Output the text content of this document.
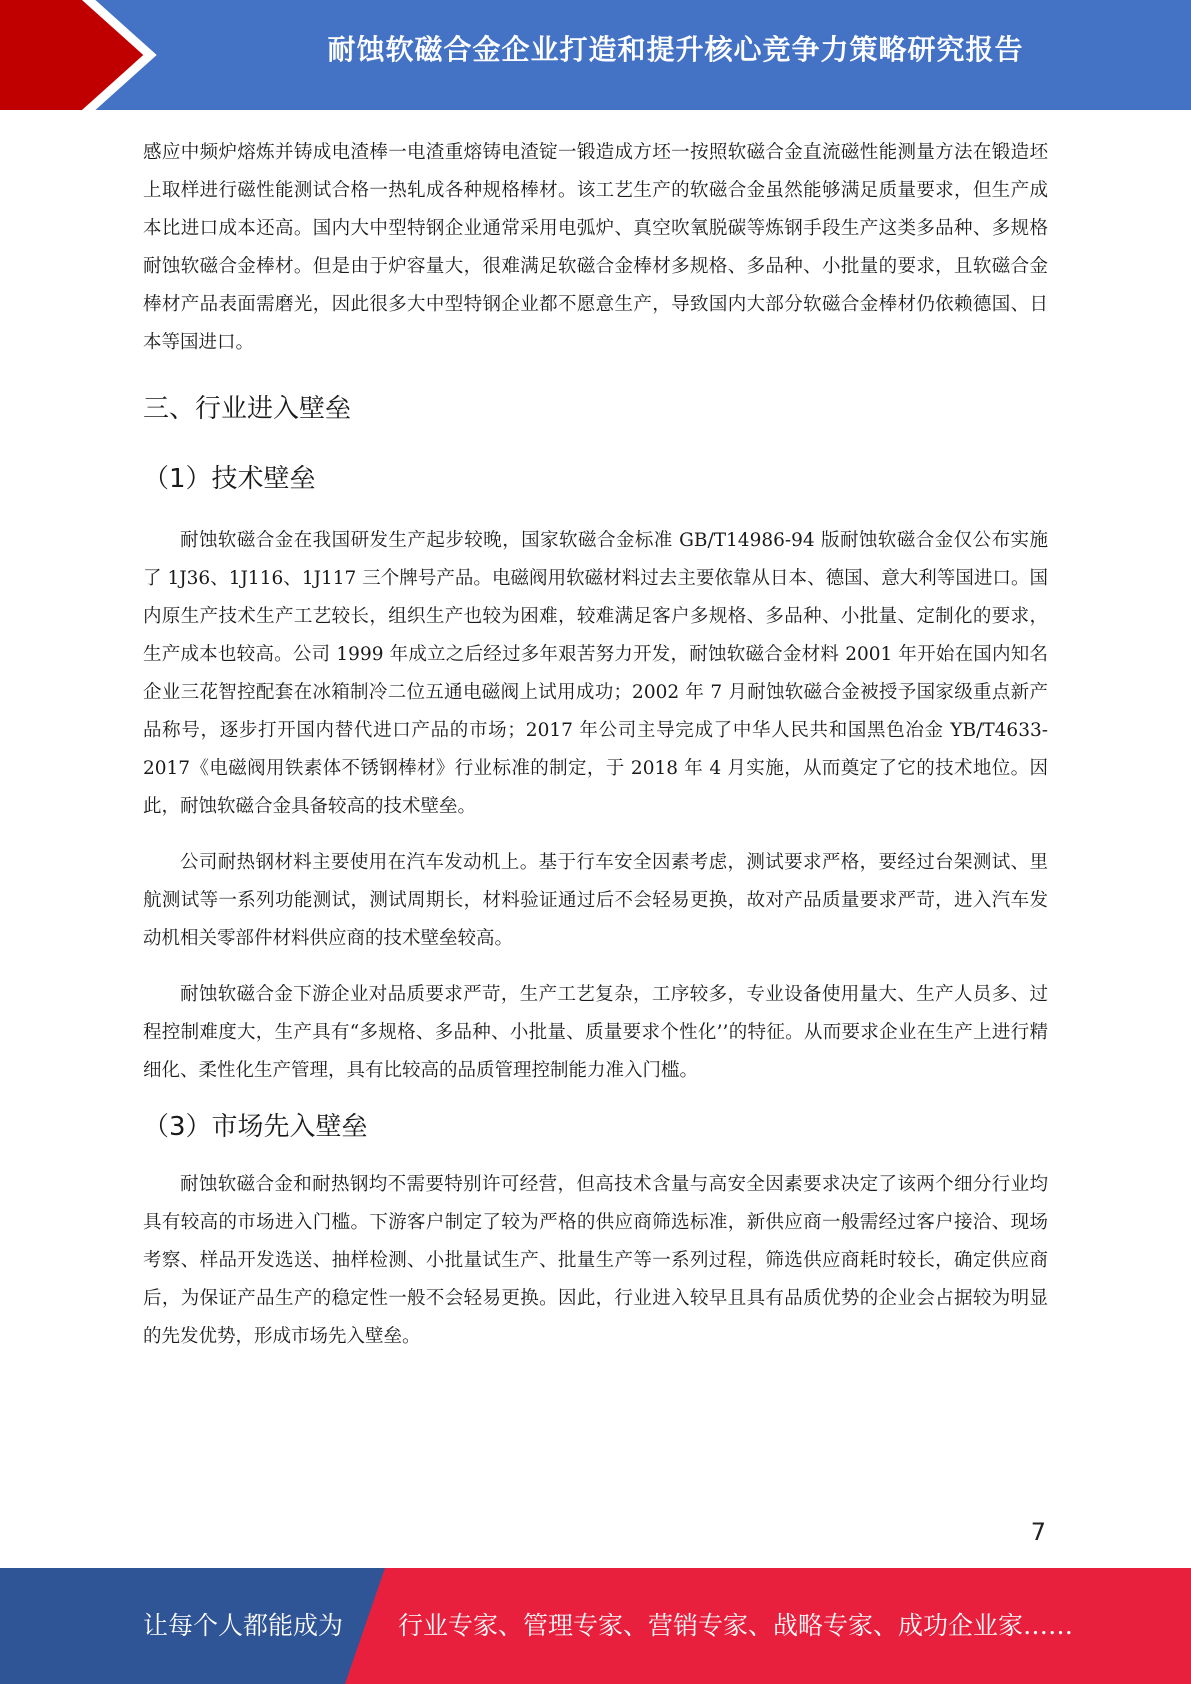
耐蚀软磁合金企业打造和提升核心竞争力策略研究报告

感应中频炉熔炼并铸成电渣棒一电渣重熔铸电渣锭一锻造成方坯一按照软磁合金直流磁性能测量方法在锻造坯上取样进行磁性能测试合格一热轧成各种规格棒材。该工艺生产的软磁合金虽然能够满足质量要求，但生产成本比进口成本还高。国内大中型特钢企业通常采用电弧炉、真空吹氧脱碳等炼钢手段生产这类多品种、多规格耐蚀软磁合金棒材。但是由于炉容量大，很难满足软磁合金棒材多规格、多品种、小批量的要求，且软磁合金棒材产品表面需磨光，因此很多大中型特钢企业都不愿意生产，导致国内大部分软磁合金棒材仍依赖德国、日本等国进口。

三、行业进入壁垒
（1）技术壁垒

耐蚀软磁合金在我国研发生产起步较晚，国家软磁合金标准 GB/T14986-94 版耐蚀软磁合金仅公布实施了 1J36、1J116、1J117 三个牌号产品。电磁阀用软磁材料过去主要依靠从日本、德国、意大利等国进口。国内原生产技术生产工艺较长，组织生产也较为困难，较难满足客户多规格、多品种、小批量、定制化的要求，生产成本也较高。公司 1999 年成立之后经过多年艰苦努力开发，耐蚀软磁合金材料 2001 年开始在国内知名企业三花智控配套在冰箱制冷二位五通电磁阀上试用成功；2002 年 7 月耐蚀软磁合金被授予国家级重点新产品称号，逐步打开国内替代进口产品的市场；2017 年公司主导完成了中华人民共和国黑色冶金 YB/T4633-2017《电磁阀用铁素体不锈钢棒材》行业标准的制定，于 2018 年 4 月实施，从而奠定了它的技术地位。因此，耐蚀软磁合金具备较高的技术壁垒。

公司耐热钢材料主要使用在汽车发动机上。基于行车安全因素考虑，测试要求严格，要经过台架测试、里航测试等一系列功能测试，测试周期长，材料验证通过后不会轻易更换，故对产品质量要求严苛，进入汽车发动机相关零部件材料供应商的技术壁垒较高。

耐蚀软磁合金下游企业对品质要求严苛，生产工艺复杂，工序较多，专业设备使用量大、生产人员多、过程控制难度大，生产具有“多规格、多品种、小批量、质量要求个性化’’的特征。从而要求企业在生产上进行精细化、柔性化生产管理，具有比较高的品质管理控制能力准入门槛。

（3）市场先入壁垒

耐蚀软磁合金和耐热钢均不需要特别许可经营，但高技术含量与高安全因素要求决定了该两个细分行业均具有较高的市场进入门槛。下游客户制定了较为严格的供应商筛选标准，新供应商一般需经过客户接洽、现场考察、样品开发选送、抽样检测、小批量试生产、批量生产等一系列过程，筛选供应商耗时较长，确定供应商后，为保证产品生产的稳定性一般不会轻易更换。因此，行业进入较早且具有品质优势的企业会占据较为明显的先发优势，形成市场先入壁垒。

7
让每个人都能成为 行业专家、管理专家、营销专家、战略专家、成功企业家……
